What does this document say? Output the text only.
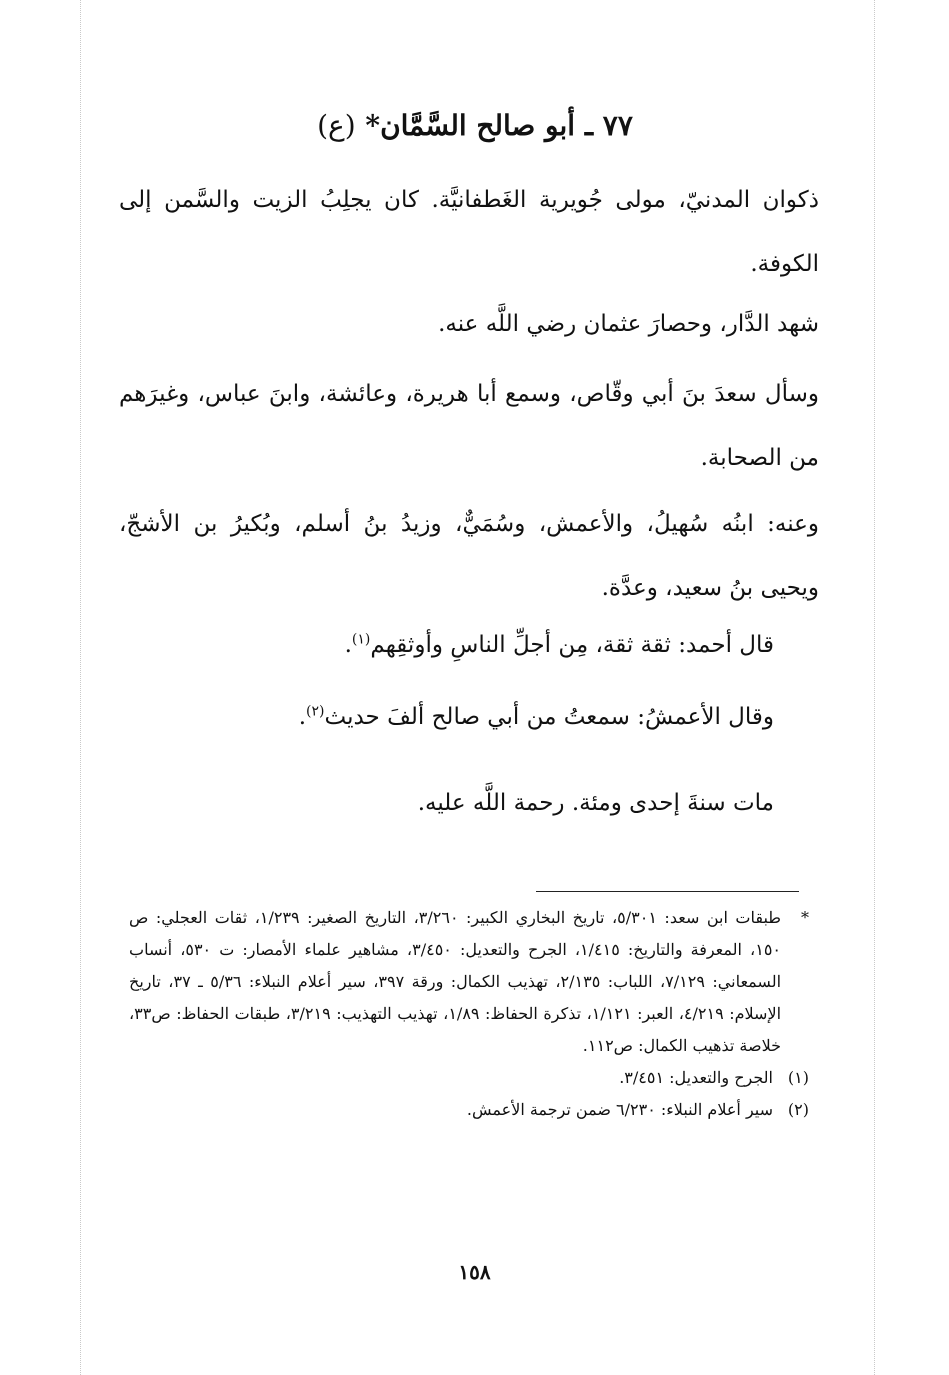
٧٧ ـ أبو صالح السَّمَّان* (ع)

ذكوان المدنيّ، مولى جُويرية الغَطفانيَّة. كان يجلِبُ الزيت والسَّمن إلى الكوفة.

شهد الدَّار، وحصارَ عثمان رضي اللَّه عنه.

وسأل سعدَ بنَ أبي وقّاص، وسمع أبا هريرة، وعائشة، وابنَ عباس، وغيرَهم من الصحابة.

وعنه: ابنُه سُهيلُ، والأعمش، وسُمَيٌّ، وزيدُ بنُ أسلم، وبُكيرُ بن الأشجّ، ويحيى بنُ سعيد، وعدَّة.

قال أحمد: ثقة ثقة، مِن أجلِّ الناسِ وأوثقِهم$^{(١)}$.
وقال الأعمشُ: سمعتُ من أبي صالح ألفَ حديث$^{(٢)}$.
مات سنةَ إحدى ومئة. رحمة اللَّه عليه.
*
طبقات ابن سعد: ٥/٣٠١، تاريخ البخاري الكبير: ٣/٢٦٠، التاريخ الصغير: ١/٢٣٩، ثقات العجلي: ص ١٥٠، المعرفة والتاريخ: ١/٤١٥، الجرح والتعديل: ٣/٤٥٠، مشاهير علماء الأمصار: ت ٥٣٠، أنساب السمعاني: ٧/١٢٩، اللباب: ٢/١٣٥، تهذيب الكمال: ورقة ٣٩٧، سير أعلام النبلاء: ٥/٣٦ ـ ٣٧، تاريخ الإسلام: ٤/٢١٩، العبر: ١/١٢١، تذكرة الحفاظ: ١/٨٩، تهذيب التهذيب: ٣/٢١٩، طبقات الحفاظ: ص٣٣، خلاصة تذهيب الكمال: ص١١٢.
(١)
الجرح والتعديل: ٣/٤٥١.
(٢)
سير أعلام النبلاء: ٦/٢٣٠ ضمن ترجمة الأعمش.
١٥٨
